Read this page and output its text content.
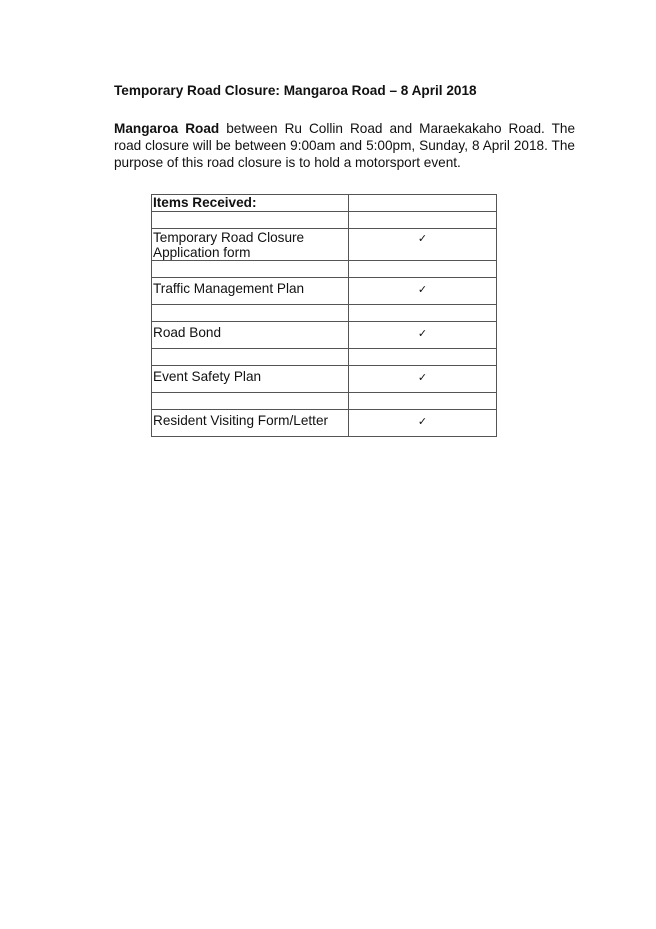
Temporary Road Closure: Mangaroa Road – 8 April 2018
Mangaroa Road between Ru Collin Road and Maraekakaho Road. The road closure will be between 9:00am and 5:00pm, Sunday, 8 April 2018. The purpose of this road closure is to hold a motorsport event.
Items Received:	

Temporary Road Closure Application form	✓

Traffic Management Plan	✓

Road Bond	✓

Event Safety Plan	✓

Resident Visiting Form/Letter	✓
